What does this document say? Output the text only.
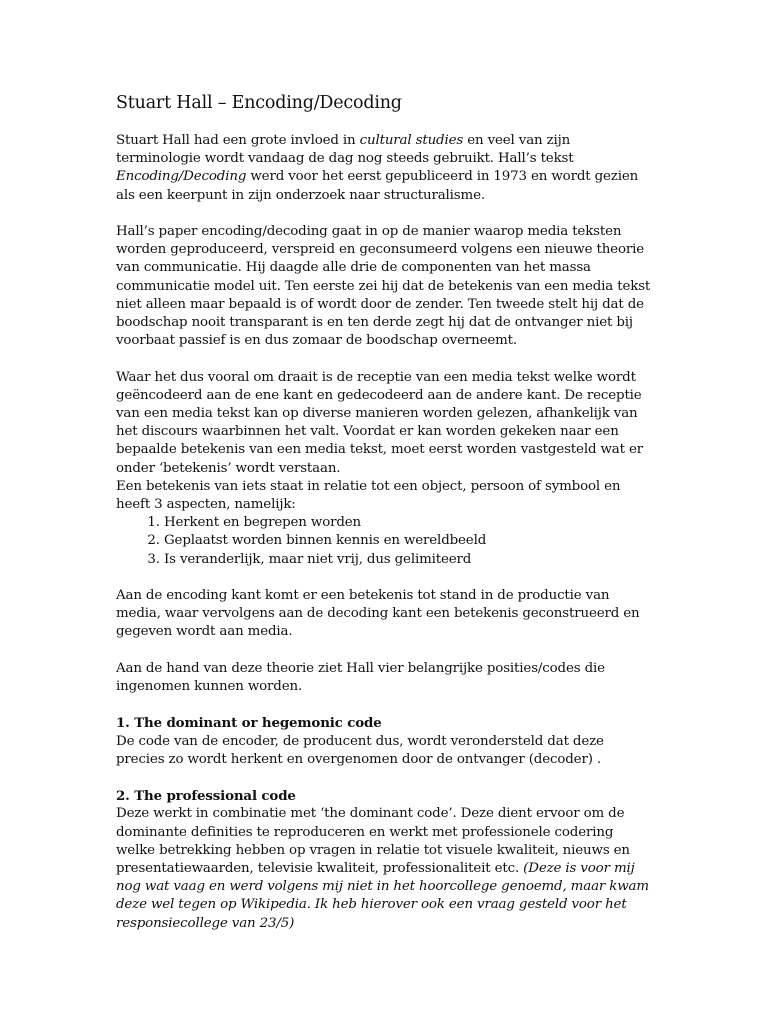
Stuart Hall – Encoding/Decoding

Stuart Hall had een grote invloed in cultural studies en veel van zijn terminologie wordt vandaag de dag nog steeds gebruikt. Hall’s tekst Encoding/Decoding werd voor het eerst gepubliceerd in 1973 en wordt gezien als een keerpunt in zijn onderzoek naar structuralisme.

Hall’s paper encoding/decoding gaat in op de manier waarop media teksten worden geproduceerd, verspreid en geconsumeerd volgens een nieuwe theorie van communicatie. Hij daagde alle drie de componenten van het massa communicatie model uit. Ten eerste zei hij dat de betekenis van een media tekst niet alleen maar bepaald is of wordt door de zender. Ten tweede stelt hij dat de boodschap nooit transparant is en ten derde zegt hij dat de ontvanger niet bij voorbaat passief is en dus zomaar de boodschap overneemt.

Waar het dus vooral om draait is de receptie van een media tekst welke wordt geëncodeerd aan de ene kant en gedecodeerd aan de andere kant. De receptie van een media tekst kan op diverse manieren worden gelezen, afhankelijk van het discours waarbinnen het valt. Voordat er kan worden gekeken naar een bepaalde betekenis van een media tekst, moet eerst worden vastgesteld wat er onder ‘betekenis’ wordt verstaan.

Een betekenis van iets staat in relatie tot een object, persoon of symbool en heeft 3 aspecten, namelijk:

1. Herkent en begrepen worden
2. Geplaatst worden binnen kennis en wereldbeeld
3. Is veranderlijk, maar niet vrij, dus gelimiteerd

Aan de encoding kant komt er een betekenis tot stand in de productie van media, waar vervolgens aan de decoding kant een betekenis geconstrueerd en gegeven wordt aan media.

Aan de hand van deze theorie ziet Hall vier belangrijke posities/codes die ingenomen kunnen worden.

1. The dominant or hegemonic code

De code van de encoder, de producent dus, wordt verondersteld dat deze precies zo wordt herkent en overgenomen door de ontvanger (decoder) .

2. The professional code

Deze werkt in combinatie met ‘the dominant code’. Deze dient ervoor om de dominante definities te reproduceren en werkt met professionele codering welke betrekking hebben op vragen in relatie tot visuele kwaliteit, nieuws en presentatiewaarden, televisie kwaliteit, professionaliteit etc. (Deze is voor mij nog wat vaag en werd volgens mij niet in het hoorcollege genoemd, maar kwam deze wel tegen op Wikipedia. Ik heb hierover ook een vraag gesteld voor het responsiecollege van 23/5)
